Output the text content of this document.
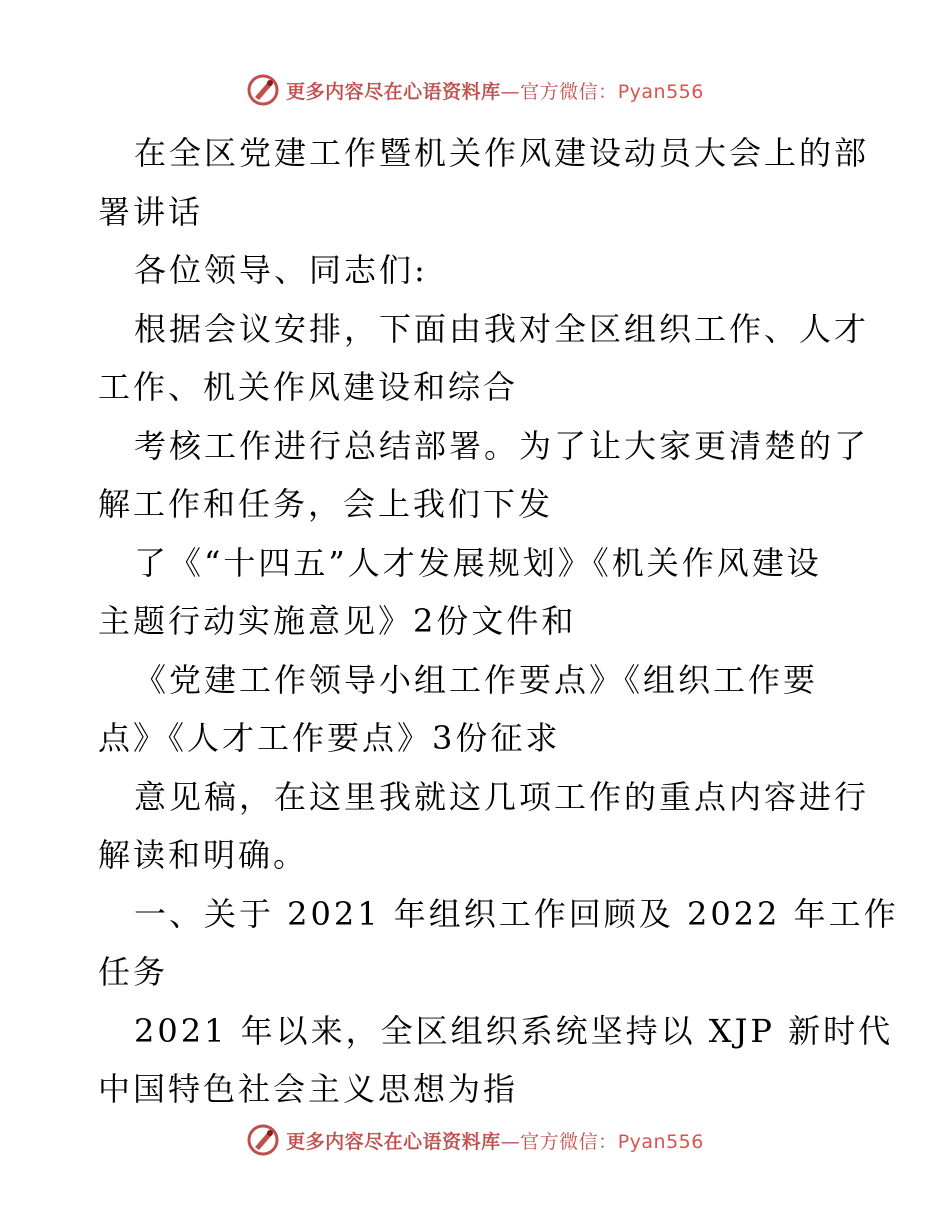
更多内容尽在心语资料库—官方微信：Pyan556
在全区党建工作暨机关作风建设动员大会上的部
署讲话
各位领导、同志们:
根据会议安排，下面由我对全区组织工作、人才
工作、机关作风建设和综合
考核工作进行总结部署。为了让大家更清楚的了
解工作和任务，会上我们下发
了《“十四五”人才发展规划》《机关作风建设
主题行动实施意见》2份文件和
《党建工作领导小组工作要点》《组织工作要
点》《人才工作要点》3份征求
意见稿，在这里我就这几项工作的重点内容进行
解读和明确。
一、关于 2021 年组织工作回顾及 2022 年工作
任务
2021 年以来，全区组织系统坚持以 XJP 新时代
中国特色社会主义思想为指
更多内容尽在心语资料库—官方微信：Pyan556
